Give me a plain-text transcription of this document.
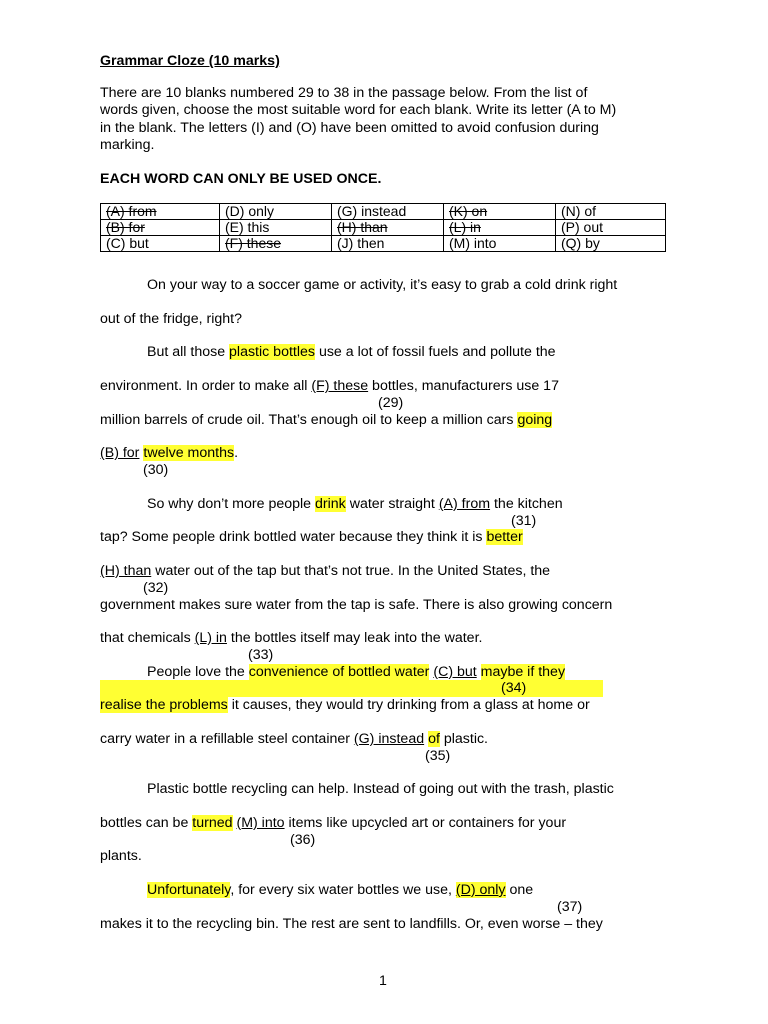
Grammar Cloze (10 marks)
There are 10 blanks numbered 29 to 38 in the passage below. From the list of
words given, choose the most suitable word for each blank. Write its letter (A to M)
in the blank. The letters (I) and (O) have been omitted to avoid confusion during
marking.
EACH WORD CAN ONLY BE USED ONCE.
(A) from	(D) only	(G) instead	(K) on	(N) of
(B) for	(E) this	(H) than	(L) in	(P) out
(C) but	(F) these	(J) then	(M) into	(Q) by
On your way to a soccer game or activity, it’s easy to grab a cold drink right
out of the fridge, right?
But all those plastic bottles use a lot of fossil fuels and pollute the
environment. In order to make all (F) these bottles, manufacturers use 17
(29)
million barrels of crude oil. That’s enough oil to keep a million cars going
(B) for twelve months.
(30)
So why don’t more people drink water straight (A) from the kitchen
(31)
tap? Some people drink bottled water because they think it is better
(H) than water out of the tap but that’s not true. In the United States, the
(32)
government makes sure water from the tap is safe. There is also growing concern
that chemicals (L) in the bottles itself may leak into the water.
(33)
People love the convenience of bottled water (C) but maybe if they
(34)
realise the problems it causes, they would try drinking from a glass at home or
carry water in a refillable steel container (G) instead of plastic.
(35)
Plastic bottle recycling can help. Instead of going out with the trash, plastic
bottles can be turned (M) into items like upcycled art or containers for your
(36)
plants.
Unfortunately, for every six water bottles we use, (D) only one
(37)
makes it to the recycling bin. The rest are sent to landfills. Or, even worse – they
1
